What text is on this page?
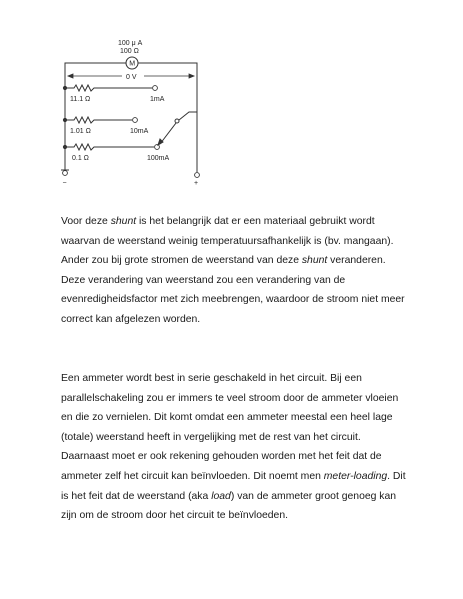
100 μ A
100 Ω
M
0 V
−	+
11.1 Ω	1mA
1.01 Ω	10mA
0.1 Ω	100mA

Voor deze shunt is het belangrijk dat er een materiaal gebruikt wordt waarvan de weerstand weinig temperatuursafhankelijk is (bv. mangaan). Ander zou bij grote stromen de weerstand van deze shunt veranderen. Deze verandering van weerstand zou een verandering van de evenredigheidsfactor met zich meebrengen, waardoor de stroom niet meer correct kan afgelezen worden.

Een ammeter wordt best in serie geschakeld in het circuit. Bij een parallelschakeling zou er immers te veel stroom door de ammeter vloeien en die zo vernielen. Dit komt omdat een ammeter meestal een heel lage (totale) weerstand heeft in vergelijking met de rest van het circuit. Daarnaast moet er ook rekening gehouden worden met het feit dat de ammeter zelf het circuit kan beïnvloeden. Dit noemt men meter-loading. Dit is het feit dat de weerstand (aka load) van de ammeter groot genoeg kan zijn om de stroom door het circuit te beïnvloeden.
